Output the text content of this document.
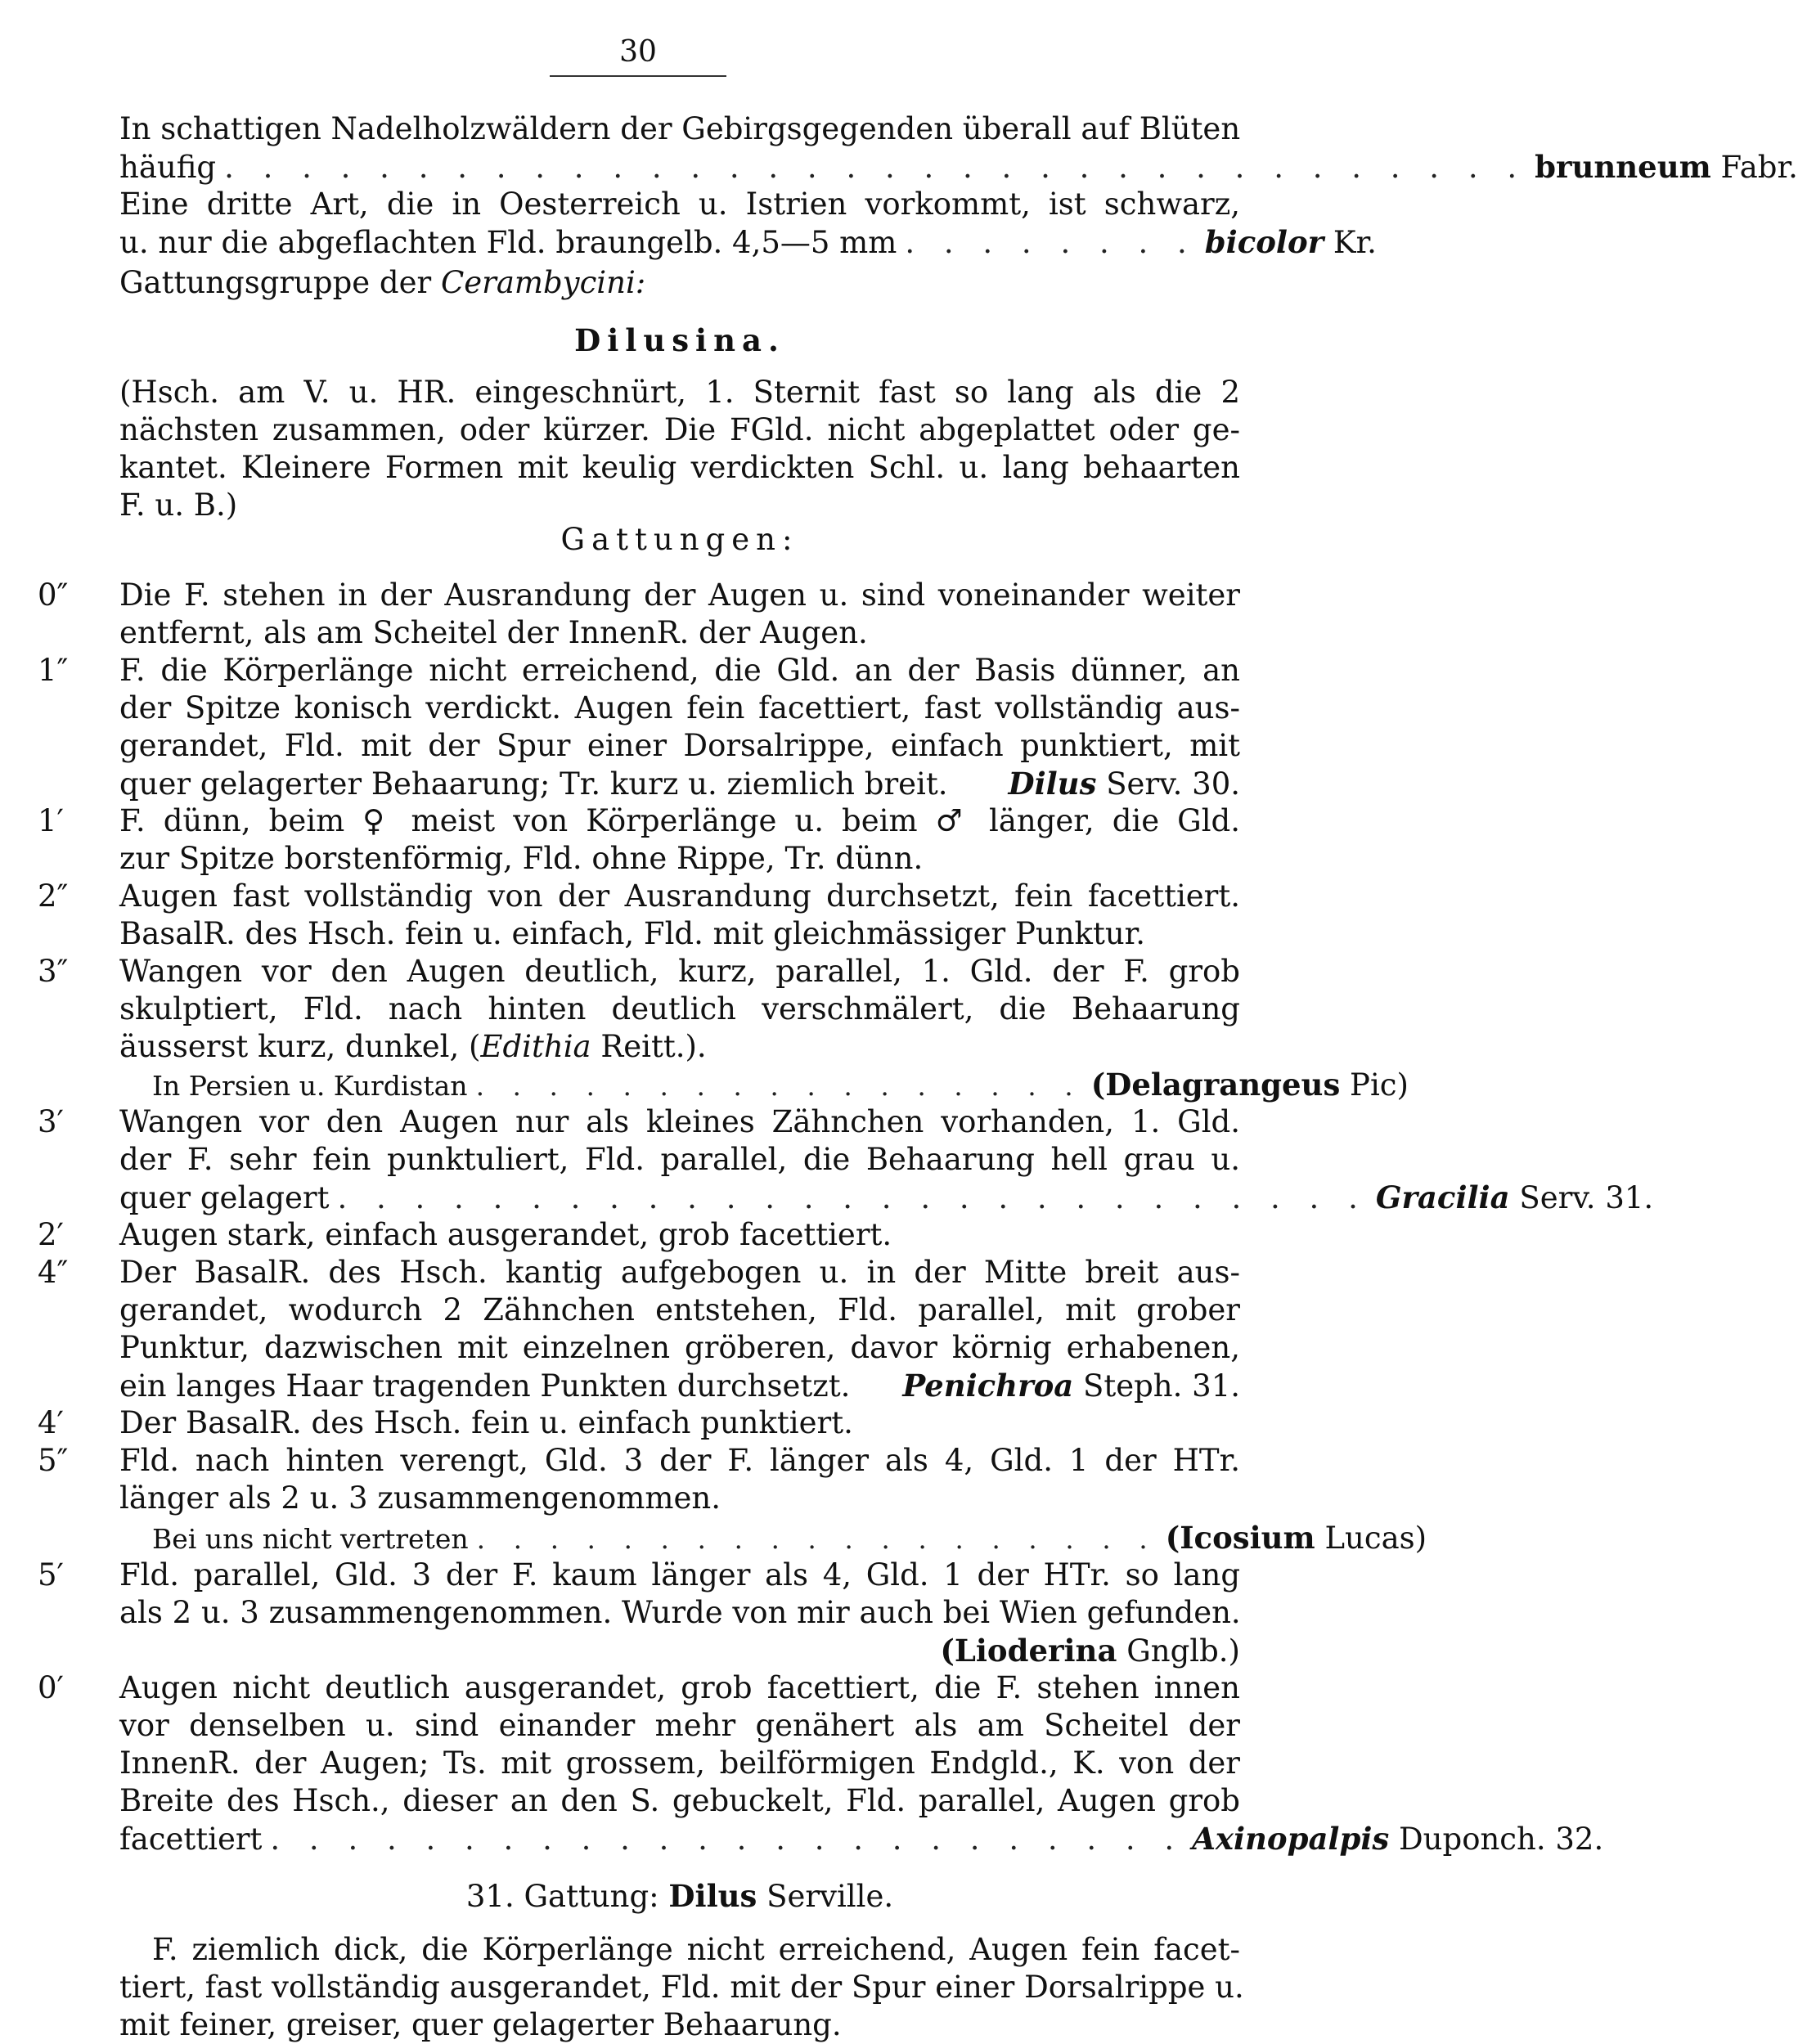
30
In schattigen Nadelholzwäldern der Gebirgsgegenden überall auf Blüten
häufig . . . . . . . . . . . . . . . . . . . . . . . . . . . . . . . . . . brunneum Fabr.
Eine dritte Art, die in Oesterreich u. Istrien vorkommt, ist schwarz,
u. nur die abgeflachten Fld. braungelb. 4,5—5 mm . . . . . . . . bicolor Kr.
Gattungsgruppe der Cerambycini:
Dilusina.
(Hsch. am V. u. HR. eingeschnürt, 1. Sternit fast so lang als die 2
nächsten zusammen, oder kürzer. Die FGld. nicht abgeplattet oder ge-
kantet. Kleinere Formen mit keulig verdickten Schl. u. lang behaarten
F. u. B.)
Gattungen:
0″	Die F. stehen in der Ausrandung der Augen u. sind voneinander weiter
entfernt, als am Scheitel der InnenR. der Augen.
1″	F. die Körperlänge nicht erreichend, die Gld. an der Basis dünner, an
der Spitze konisch verdickt. Augen fein facettiert, fast vollständig aus-
gerandet, Fld. mit der Spur einer Dorsalrippe, einfach punktiert, mit
quer gelagerter Behaarung; Tr. kurz u. ziemlich breit. Dilus Serv. 30.
1′	F. dünn, beim ♀ meist von Körperlänge u. beim ♂ länger, die Gld.
zur Spitze borstenförmig, Fld. ohne Rippe, Tr. dünn.
2″	Augen fast vollständig von der Ausrandung durchsetzt, fein facettiert.
BasalR. des Hsch. fein u. einfach, Fld. mit gleichmässiger Punktur.
3″	Wangen vor den Augen deutlich, kurz, parallel, 1. Gld. der F. grob
skulptiert, Fld. nach hinten deutlich verschmälert, die Behaarung
äusserst kurz, dunkel, (Edithia Reitt.).
In Persien u. Kurdistan . . . . . . . . . . . . . . . . . (Delagrangeus Pic)
3′	Wangen vor den Augen nur als kleines Zähnchen vorhanden, 1. Gld.
der F. sehr fein punktuliert, Fld. parallel, die Behaarung hell grau u.
quer gelagert . . . . . . . . . . . . . . . . . . . . . . . . . . . Gracilia Serv. 31.
2′	Augen stark, einfach ausgerandet, grob facettiert.
4″	Der BasalR. des Hsch. kantig aufgebogen u. in der Mitte breit aus-
gerandet, wodurch 2 Zähnchen entstehen, Fld. parallel, mit grober
Punktur, dazwischen mit einzelnen gröberen, davor körnig erhabenen,
ein langes Haar tragenden Punkten durchsetzt. Penichroa Steph. 31.
4′	Der BasalR. des Hsch. fein u. einfach punktiert.
5″	Fld. nach hinten verengt, Gld. 3 der F. länger als 4, Gld. 1 der HTr.
länger als 2 u. 3 zusammengenommen.
Bei uns nicht vertreten . . . . . . . . . . . . . . . . . . . (Icosium Lucas)
5′	Fld. parallel, Gld. 3 der F. kaum länger als 4, Gld. 1 der HTr. so lang
als 2 u. 3 zusammengenommen. Wurde von mir auch bei Wien gefunden.
(Lioderina Gnglb.)
0′	Augen nicht deutlich ausgerandet, grob facettiert, die F. stehen innen
vor denselben u. sind einander mehr genähert als am Scheitel der
InnenR. der Augen; Ts. mit grossem, beilförmigen Endgld., K. von der
Breite des Hsch., dieser an den S. gebuckelt, Fld. parallel, Augen grob
facettiert . . . . . . . . . . . . . . . . . . . . . . . . Axinopalpis Duponch. 32.
31. Gattung: Dilus Serville.
F. ziemlich dick, die Körperlänge nicht erreichend, Augen fein facet-
tiert, fast vollständig ausgerandet, Fld. mit der Spur einer Dorsalrippe u.
mit feiner, greiser, quer gelagerter Behaarung.
